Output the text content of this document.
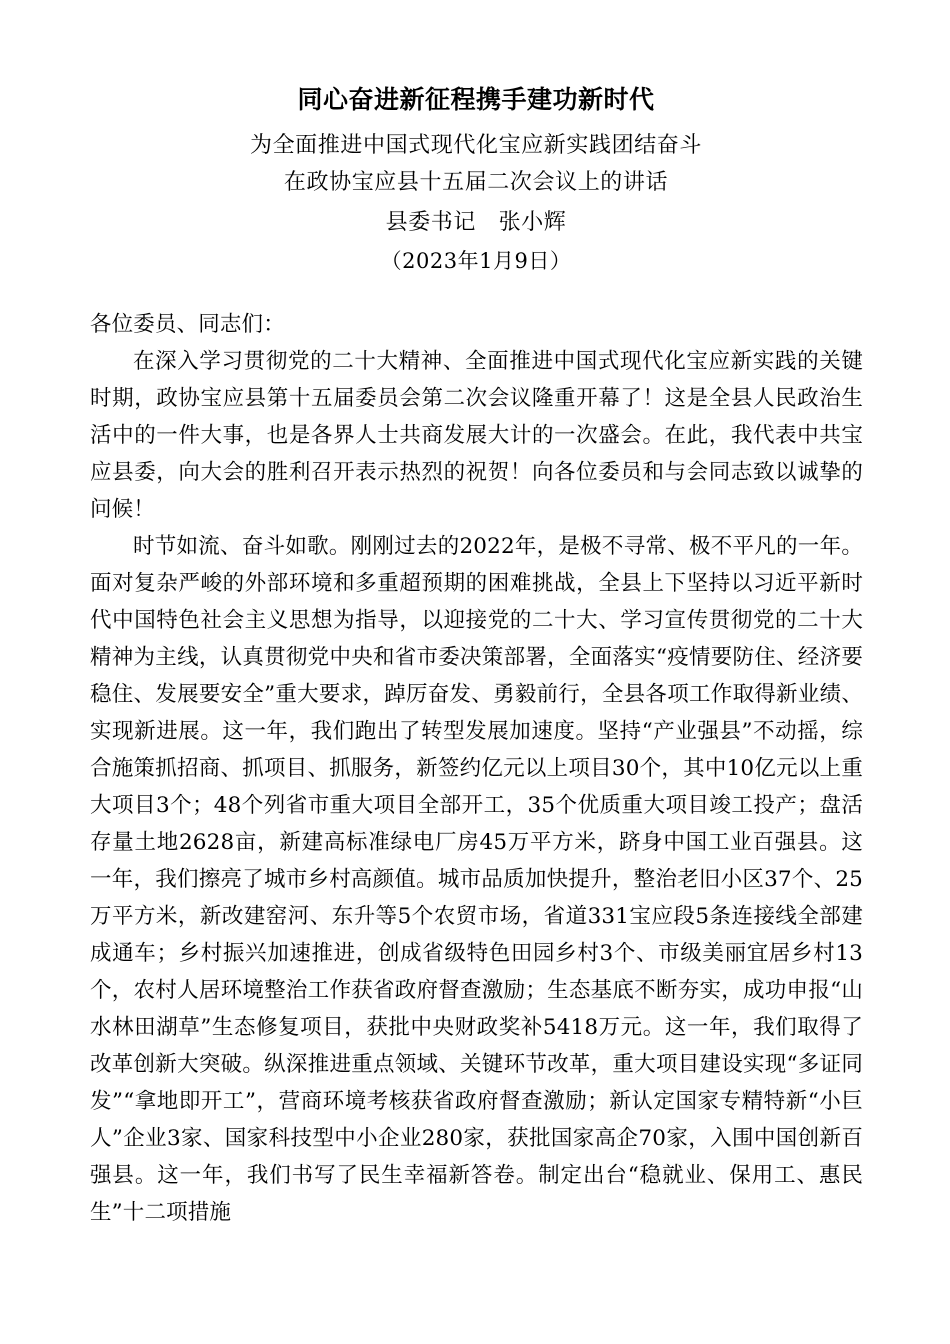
同心奋进新征程携手建功新时代
为全面推进中国式现代化宝应新实践团结奋斗
在政协宝应县十五届二次会议上的讲话
县委书记　张小辉
（2023年1月9日）

各位委员、同志们：

在深入学习贯彻党的二十大精神、全面推进中国式现代化宝应新实践的关键时期，政协宝应县第十五届委员会第二次会议隆重开幕了！这是全县人民政治生活中的一件大事，也是各界人士共商发展大计的一次盛会。在此，我代表中共宝应县委，向大会的胜利召开表示热烈的祝贺！向各位委员和与会同志致以诚挚的问候！

时节如流、奋斗如歌。刚刚过去的2022年，是极不寻常、极不平凡的一年。面对复杂严峻的外部环境和多重超预期的困难挑战，全县上下坚持以习近平新时代中国特色社会主义思想为指导，以迎接党的二十大、学习宣传贯彻党的二十大精神为主线，认真贯彻党中央和省市委决策部署，全面落实“疫情要防住、经济要稳住、发展要安全”重大要求，踔厉奋发、勇毅前行，全县各项工作取得新业绩、实现新进展。这一年，我们跑出了转型发展加速度。坚持“产业强县”不动摇，综合施策抓招商、抓项目、抓服务，新签约亿元以上项目30个，其中10亿元以上重大项目3个；48个列省市重大项目全部开工，35个优质重大项目竣工投产；盘活存量土地2628亩，新建高标准绿电厂房45万平方米，跻身中国工业百强县。这一年，我们擦亮了城市乡村高颜值。城市品质加快提升，整治老旧小区37个、25万平方米，新改建窑河、东升等5个农贸市场，省道331宝应段5条连接线全部建成通车；乡村振兴加速推进，创成省级特色田园乡村3个、市级美丽宜居乡村13个，农村人居环境整治工作获省政府督查激励；生态基底不断夯实，成功申报“山水林田湖草”生态修复项目，获批中央财政奖补5418万元。这一年，我们取得了改革创新大突破。纵深推进重点领域、关键环节改革，重大项目建设实现“多证同发”“拿地即开工”，营商环境考核获省政府督查激励；新认定国家专精特新“小巨人”企业3家、国家科技型中小企业280家，获批国家高企70家，入围中国创新百强县。这一年，我们书写了民生幸福新答卷。制定出台“稳就业、保用工、惠民生”十二项措施
